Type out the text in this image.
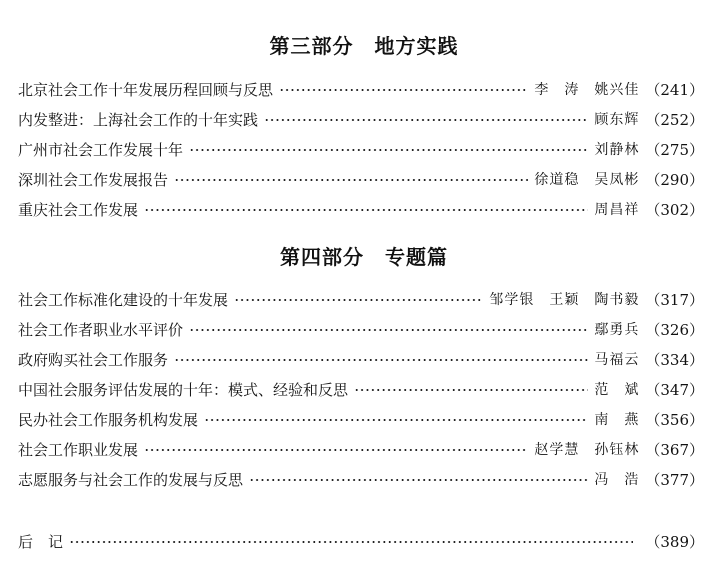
第三部分　地方实践
北京社会工作十年发展历程回顾与反思	李　涛　姚兴佳 （241）
内发整进：上海社会工作的十年实践	顾东辉 （252）
广州市社会工作发展十年	刘静林 （275）
深圳社会工作发展报告	徐道稳　吴凤彬 （290）
重庆社会工作发展	周昌祥 （302）
第四部分　专题篇
社会工作标准化建设的十年发展	邹学银　王颖　陶书毅 （317）
社会工作者职业水平评价	鄢勇兵 （326）
政府购买社会工作服务	马福云 （334）
中国社会服务评估发展的十年：模式、经验和反思	范　斌 （347）
民办社会工作服务机构发展	南　燕 （356）
社会工作职业发展	赵学慧　孙钰林 （367）
志愿服务与社会工作的发展与反思	冯　浩 （377）
后　记	（389）
